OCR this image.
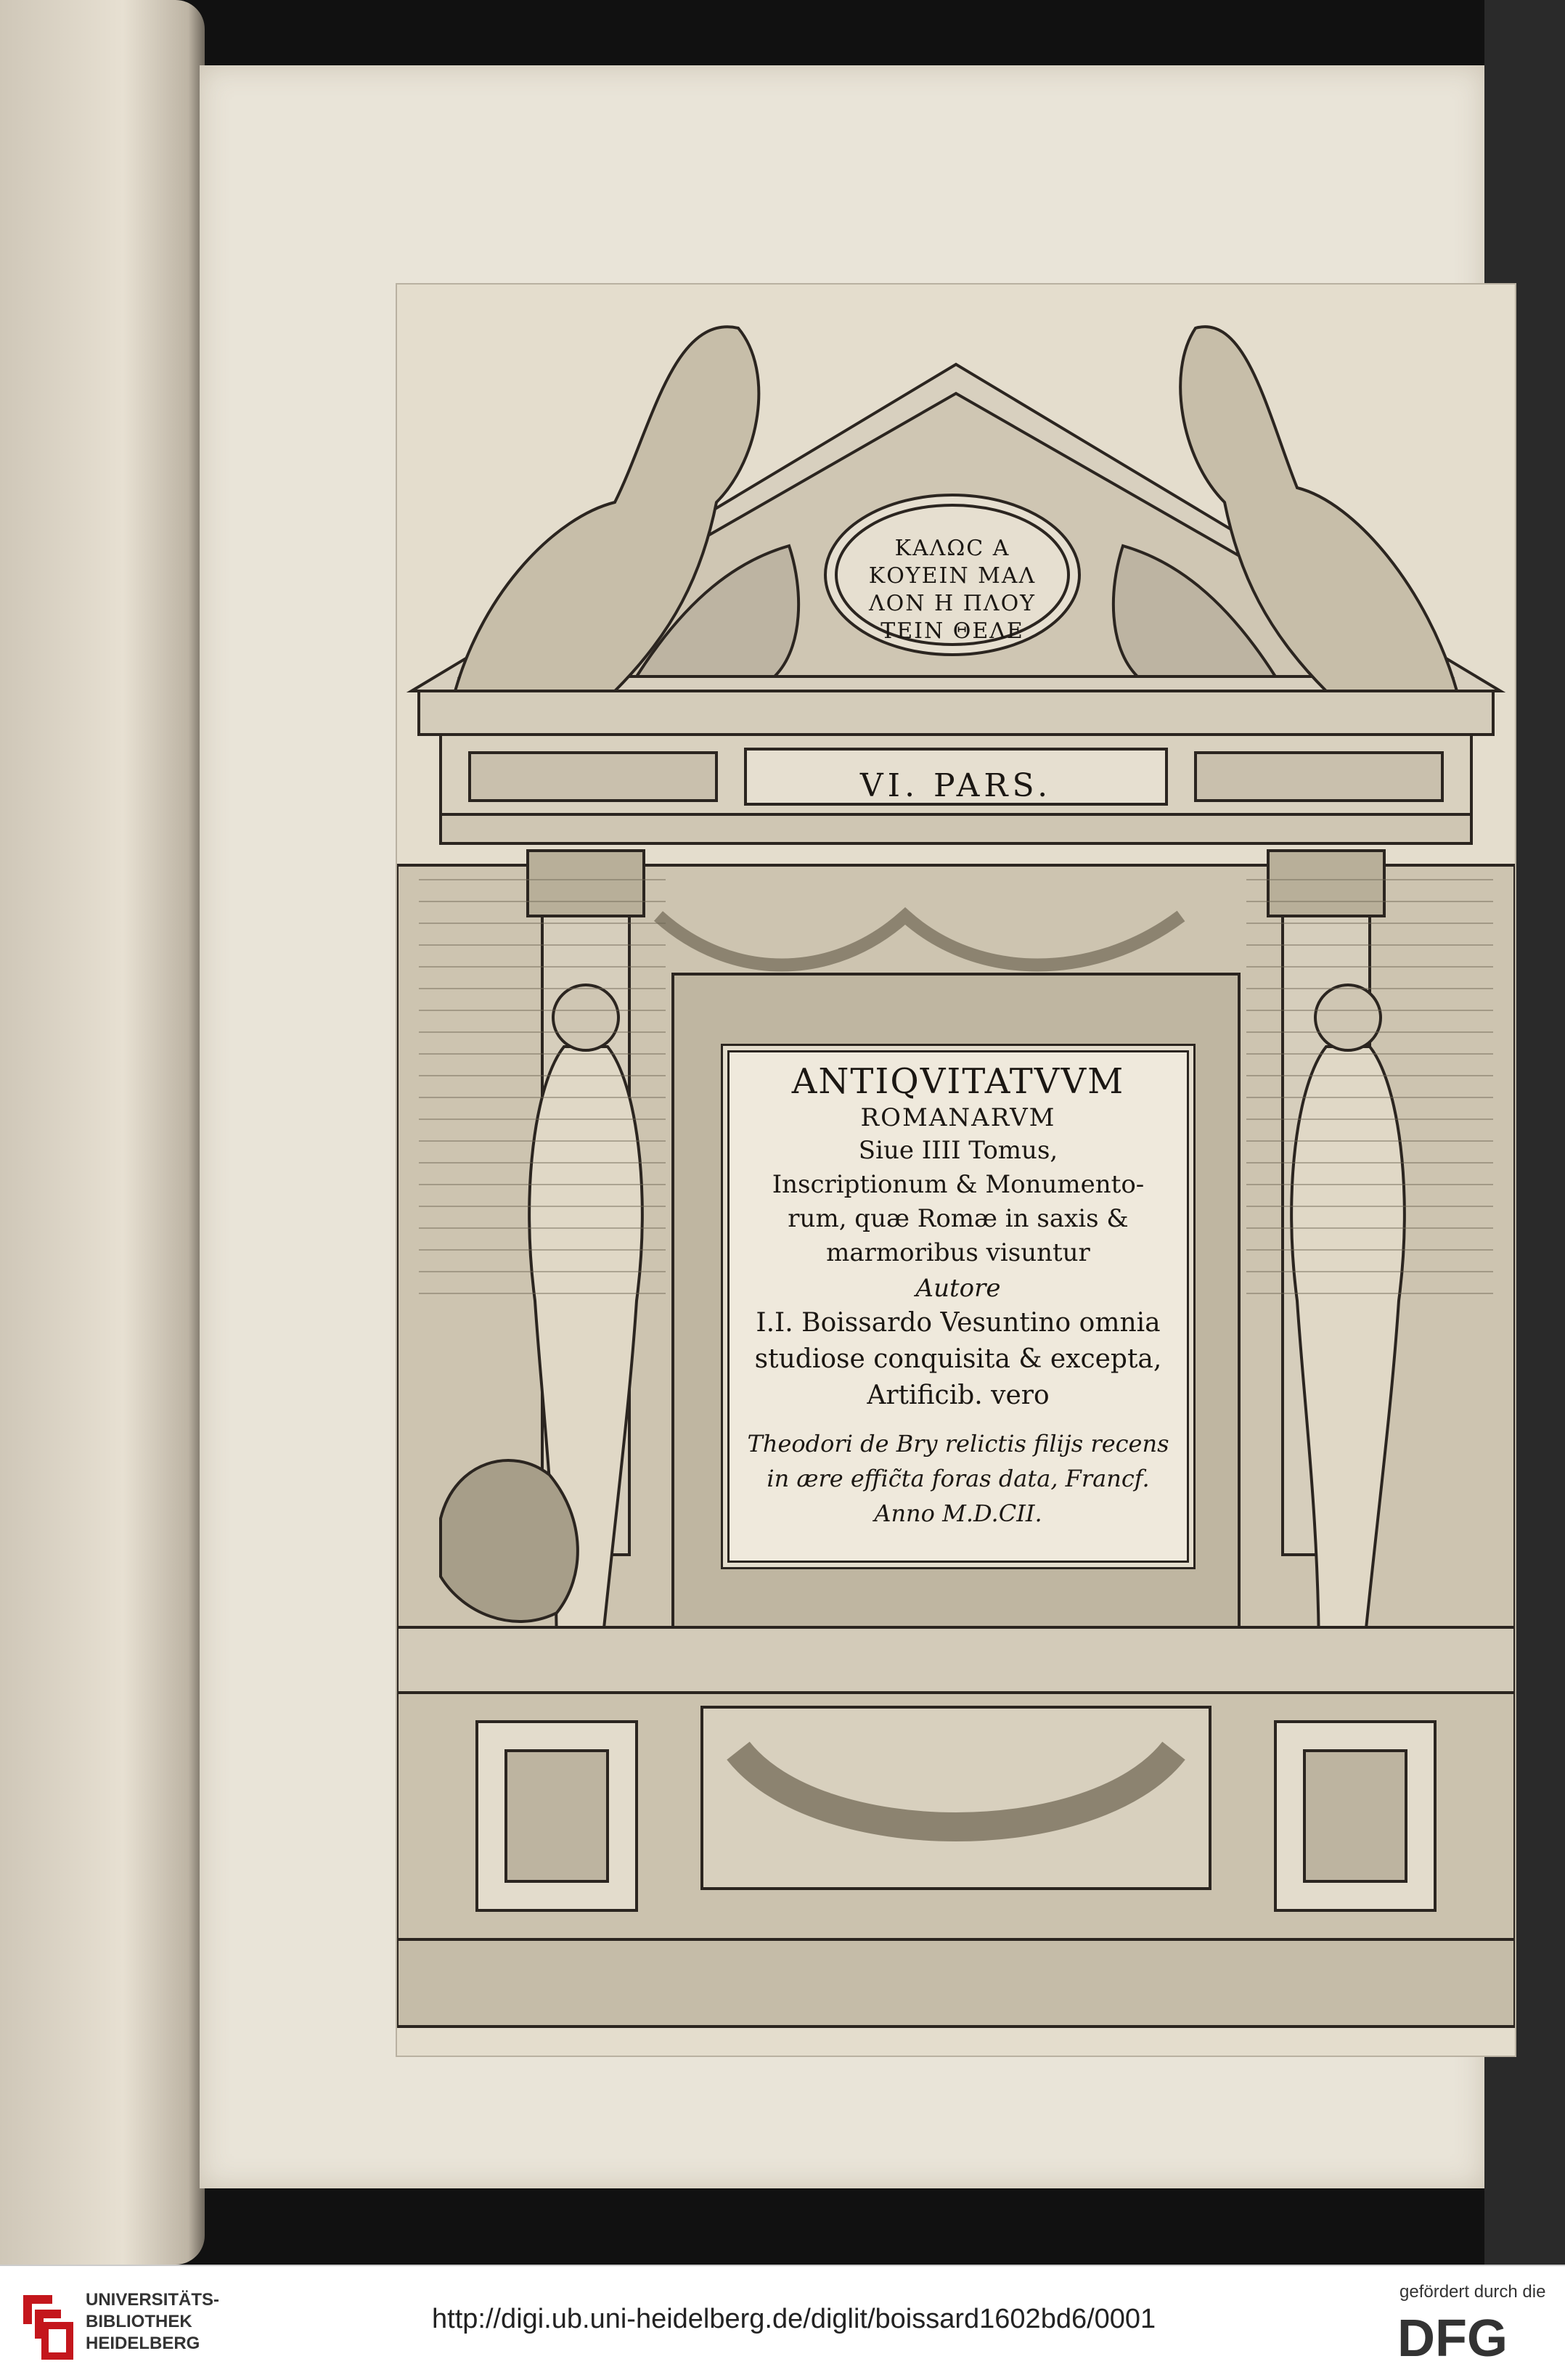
ΚΑΛΩϹ Α
ΚΟΥΕΙΝ ΜΑΛ
ΛΟΝ Η ΠΛΟΥ
ΤΕΙΝ ΘΕΛΕ
VI. PARS.
ANTIQVITATVVM
ROMANARVM
Siue IIII Tomus,
Inscriptionum & Monumento-
rum, quæ Romæ in saxis &
marmoribus visuntur
Autore
I.I. Boissardo Vesuntino omnia
studiose conquisita & excepta,
Artificib. vero
Theodori de Bry relictis filijs recens
in ære effic̃ta foras data, Francf.
Anno M.D.CII.
UNIVERSITÄTS-
BIBLIOTHEK
HEIDELBERG
http://digi.ub.uni-heidelberg.de/diglit/boissard1602bd6/0001
gefördert durch die
DFG
